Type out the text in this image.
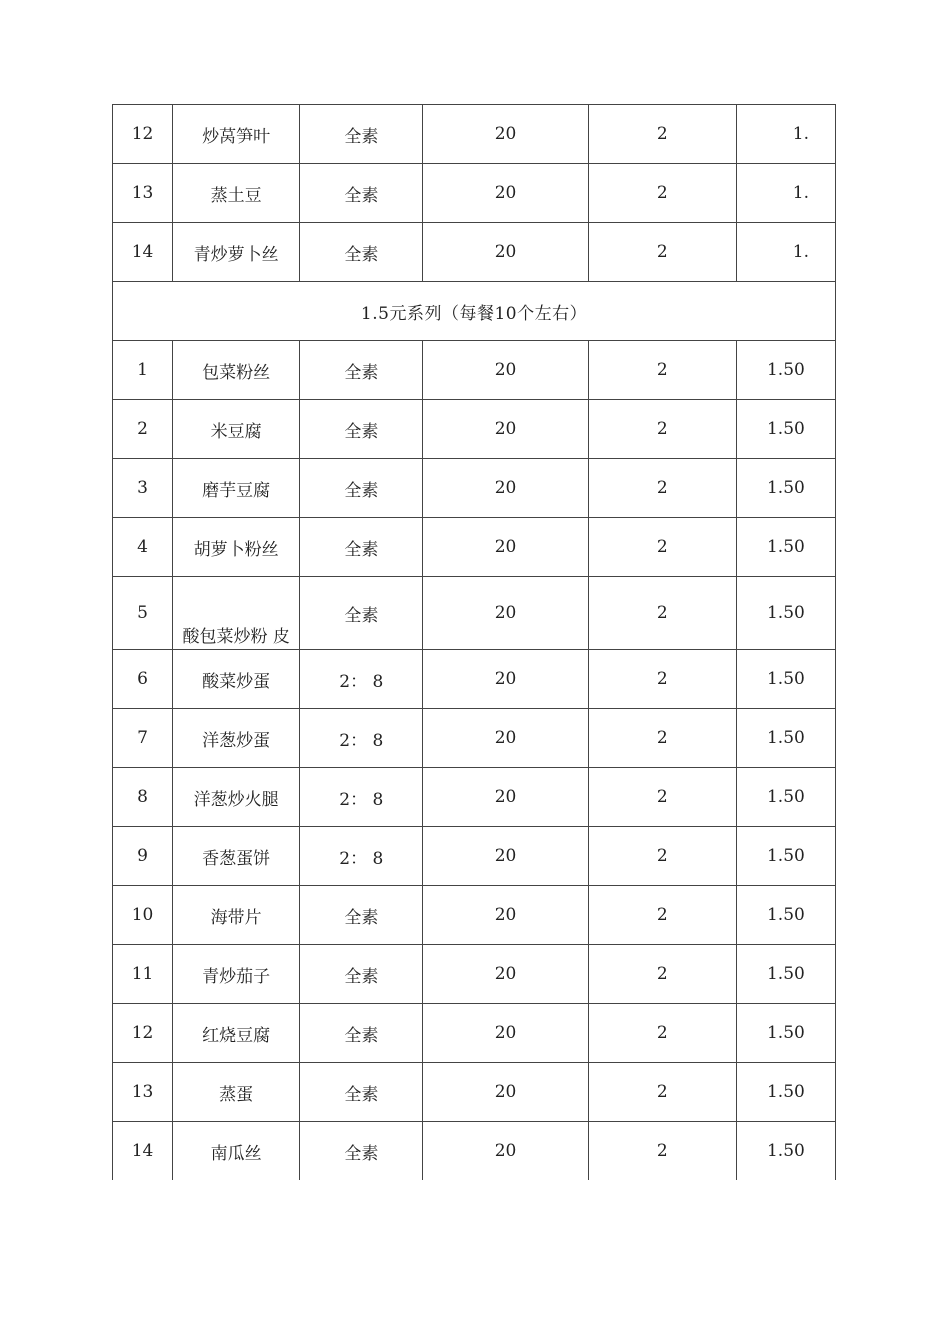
12	炒莴笋叶	全素	20	2	1.
13	蒸土豆	全素	20	2	1.
14	青炒萝卜丝	全素	20	2	1.
1.5元系列（每餐10个左右）					
1	包菜粉丝	全素	20	2	1.50
2	米豆腐	全素	20	2	1.50
3	磨芋豆腐	全素	20	2	1.50
4	胡萝卜粉丝	全素	20	2	1.50
5	酸包菜炒粉 皮	全素	20	2	1.50
6	酸菜炒蛋	2： 8	20	2	1.50
7	洋葱炒蛋	2： 8	20	2	1.50
8	洋葱炒火腿	2： 8	20	2	1.50
9	香葱蛋饼	2： 8	20	2	1.50
10	海带片	全素	20	2	1.50
11	青炒茄子	全素	20	2	1.50
12	红烧豆腐	全素	20	2	1.50
13	蒸蛋	全素	20	2	1.50
14	南瓜丝	全素	20	2	1.50
